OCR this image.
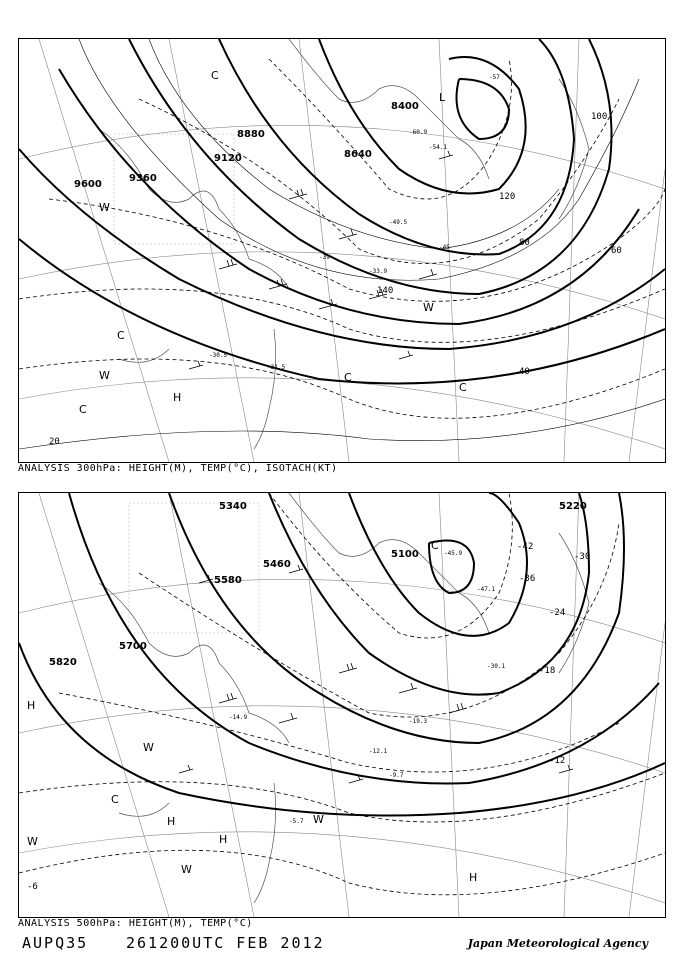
9600
9360
9120
8880
8640
8400
20
40
60
80
100
120
140
-30.5
-31.5
-33.9
-39
-45
-49.5
-54.1
-57
-60.9
C
C
C
C
C
H
L
W
W
W
ANALYSIS 300hPa: HEIGHT(M), TEMP(°C), ISOTACH(KT)
5820
5700
5580
5460
5340
5100
5220
-6
-12
-18
-24
-30
-36
-42
-5.7
-9.7
-12.1
-14.9
-19.3
-30.1
-45.9
-47.1
H
H
H
H
C
C
W
W
W
W
ANALYSIS 500hPa: HEIGHT(M), TEMP(°C)
AUPQ35	261200UTC FEB 2012	Japan Meteorological Agency
